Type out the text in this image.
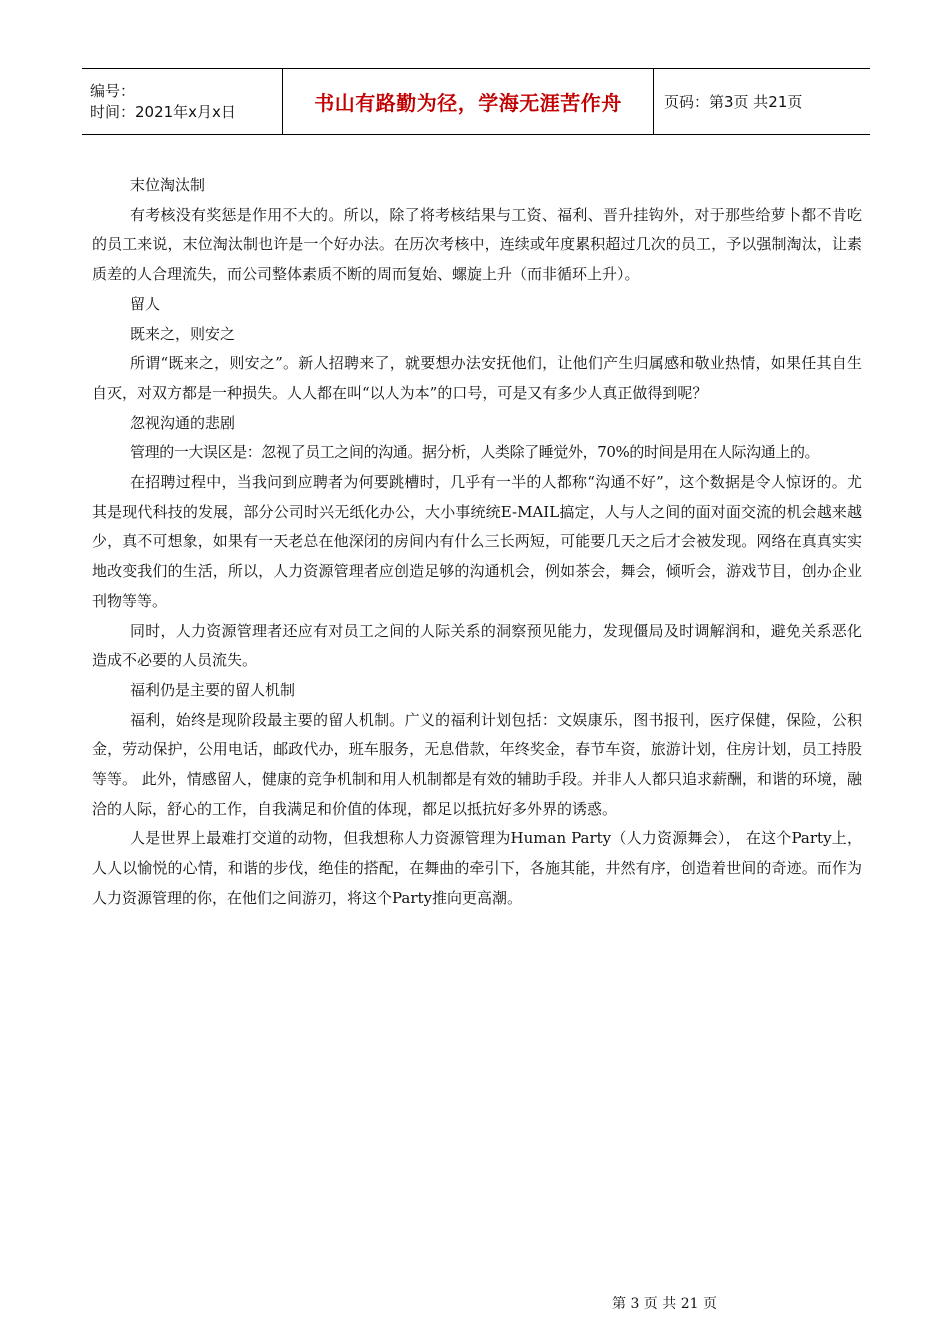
编号：
时间：2021年x月x日	书山有路勤为径，学海无涯苦作舟	页码：第3页 共21页

末位淘汰制

有考核没有奖惩是作用不大的。所以，除了将考核结果与工资、福利、晋升挂钩外，对于那些给萝卜都不肯吃的员工来说，末位淘汰制也许是一个好办法。在历次考核中，连续或年度累积超过几次的员工，予以强制淘汰，让素质差的人合理流失，而公司整体素质不断的周而复始、螺旋上升（而非循环上升）。

留人

既来之，则安之

所谓“既来之，则安之”。新人招聘来了，就要想办法安抚他们，让他们产生归属感和敬业热情，如果任其自生自灭，对双方都是一种损失。人人都在叫“以人为本”的口号，可是又有多少人真正做得到呢？

忽视沟通的悲剧

管理的一大误区是：忽视了员工之间的沟通。据分析，人类除了睡觉外，70%的时间是用在人际沟通上的。

在招聘过程中，当我问到应聘者为何要跳槽时，几乎有一半的人都称“沟通不好”，这个数据是令人惊讶的。尤其是现代科技的发展，部分公司时兴无纸化办公，大小事统统E-MAIL搞定，人与人之间的面对面交流的机会越来越少，真不可想象，如果有一天老总在他深闭的房间内有什么三长两短，可能要几天之后才会被发现。网络在真真实实地改变我们的生活，所以，人力资源管理者应创造足够的沟通机会，例如茶会，舞会，倾听会，游戏节目，创办企业刊物等等。

同时，人力资源管理者还应有对员工之间的人际关系的洞察预见能力，发现僵局及时调解润和，避免关系恶化造成不必要的人员流失。

福利仍是主要的留人机制

福利，始终是现阶段最主要的留人机制。广义的福利计划包括：文娱康乐，图书报刊，医疗保健，保险，公积金，劳动保护，公用电话，邮政代办，班车服务，无息借款，年终奖金，春节车资，旅游计划，住房计划，员工持股等等。 此外，情感留人，健康的竞争机制和用人机制都是有效的辅助手段。并非人人都只追求薪酬，和谐的环境，融洽的人际，舒心的工作，自我满足和价值的体现，都足以抵抗好多外界的诱惑。

人是世界上最难打交道的动物，但我想称人力资源管理为Human Party（人力资源舞会）， 在这个Party上，人人以愉悦的心情，和谐的步伐，绝佳的搭配，在舞曲的牵引下，各施其能，井然有序，创造着世间的奇迹。而作为人力资源管理的你，在他们之间游刃，将这个Party推向更高潮。

第 3 页 共 21 页
